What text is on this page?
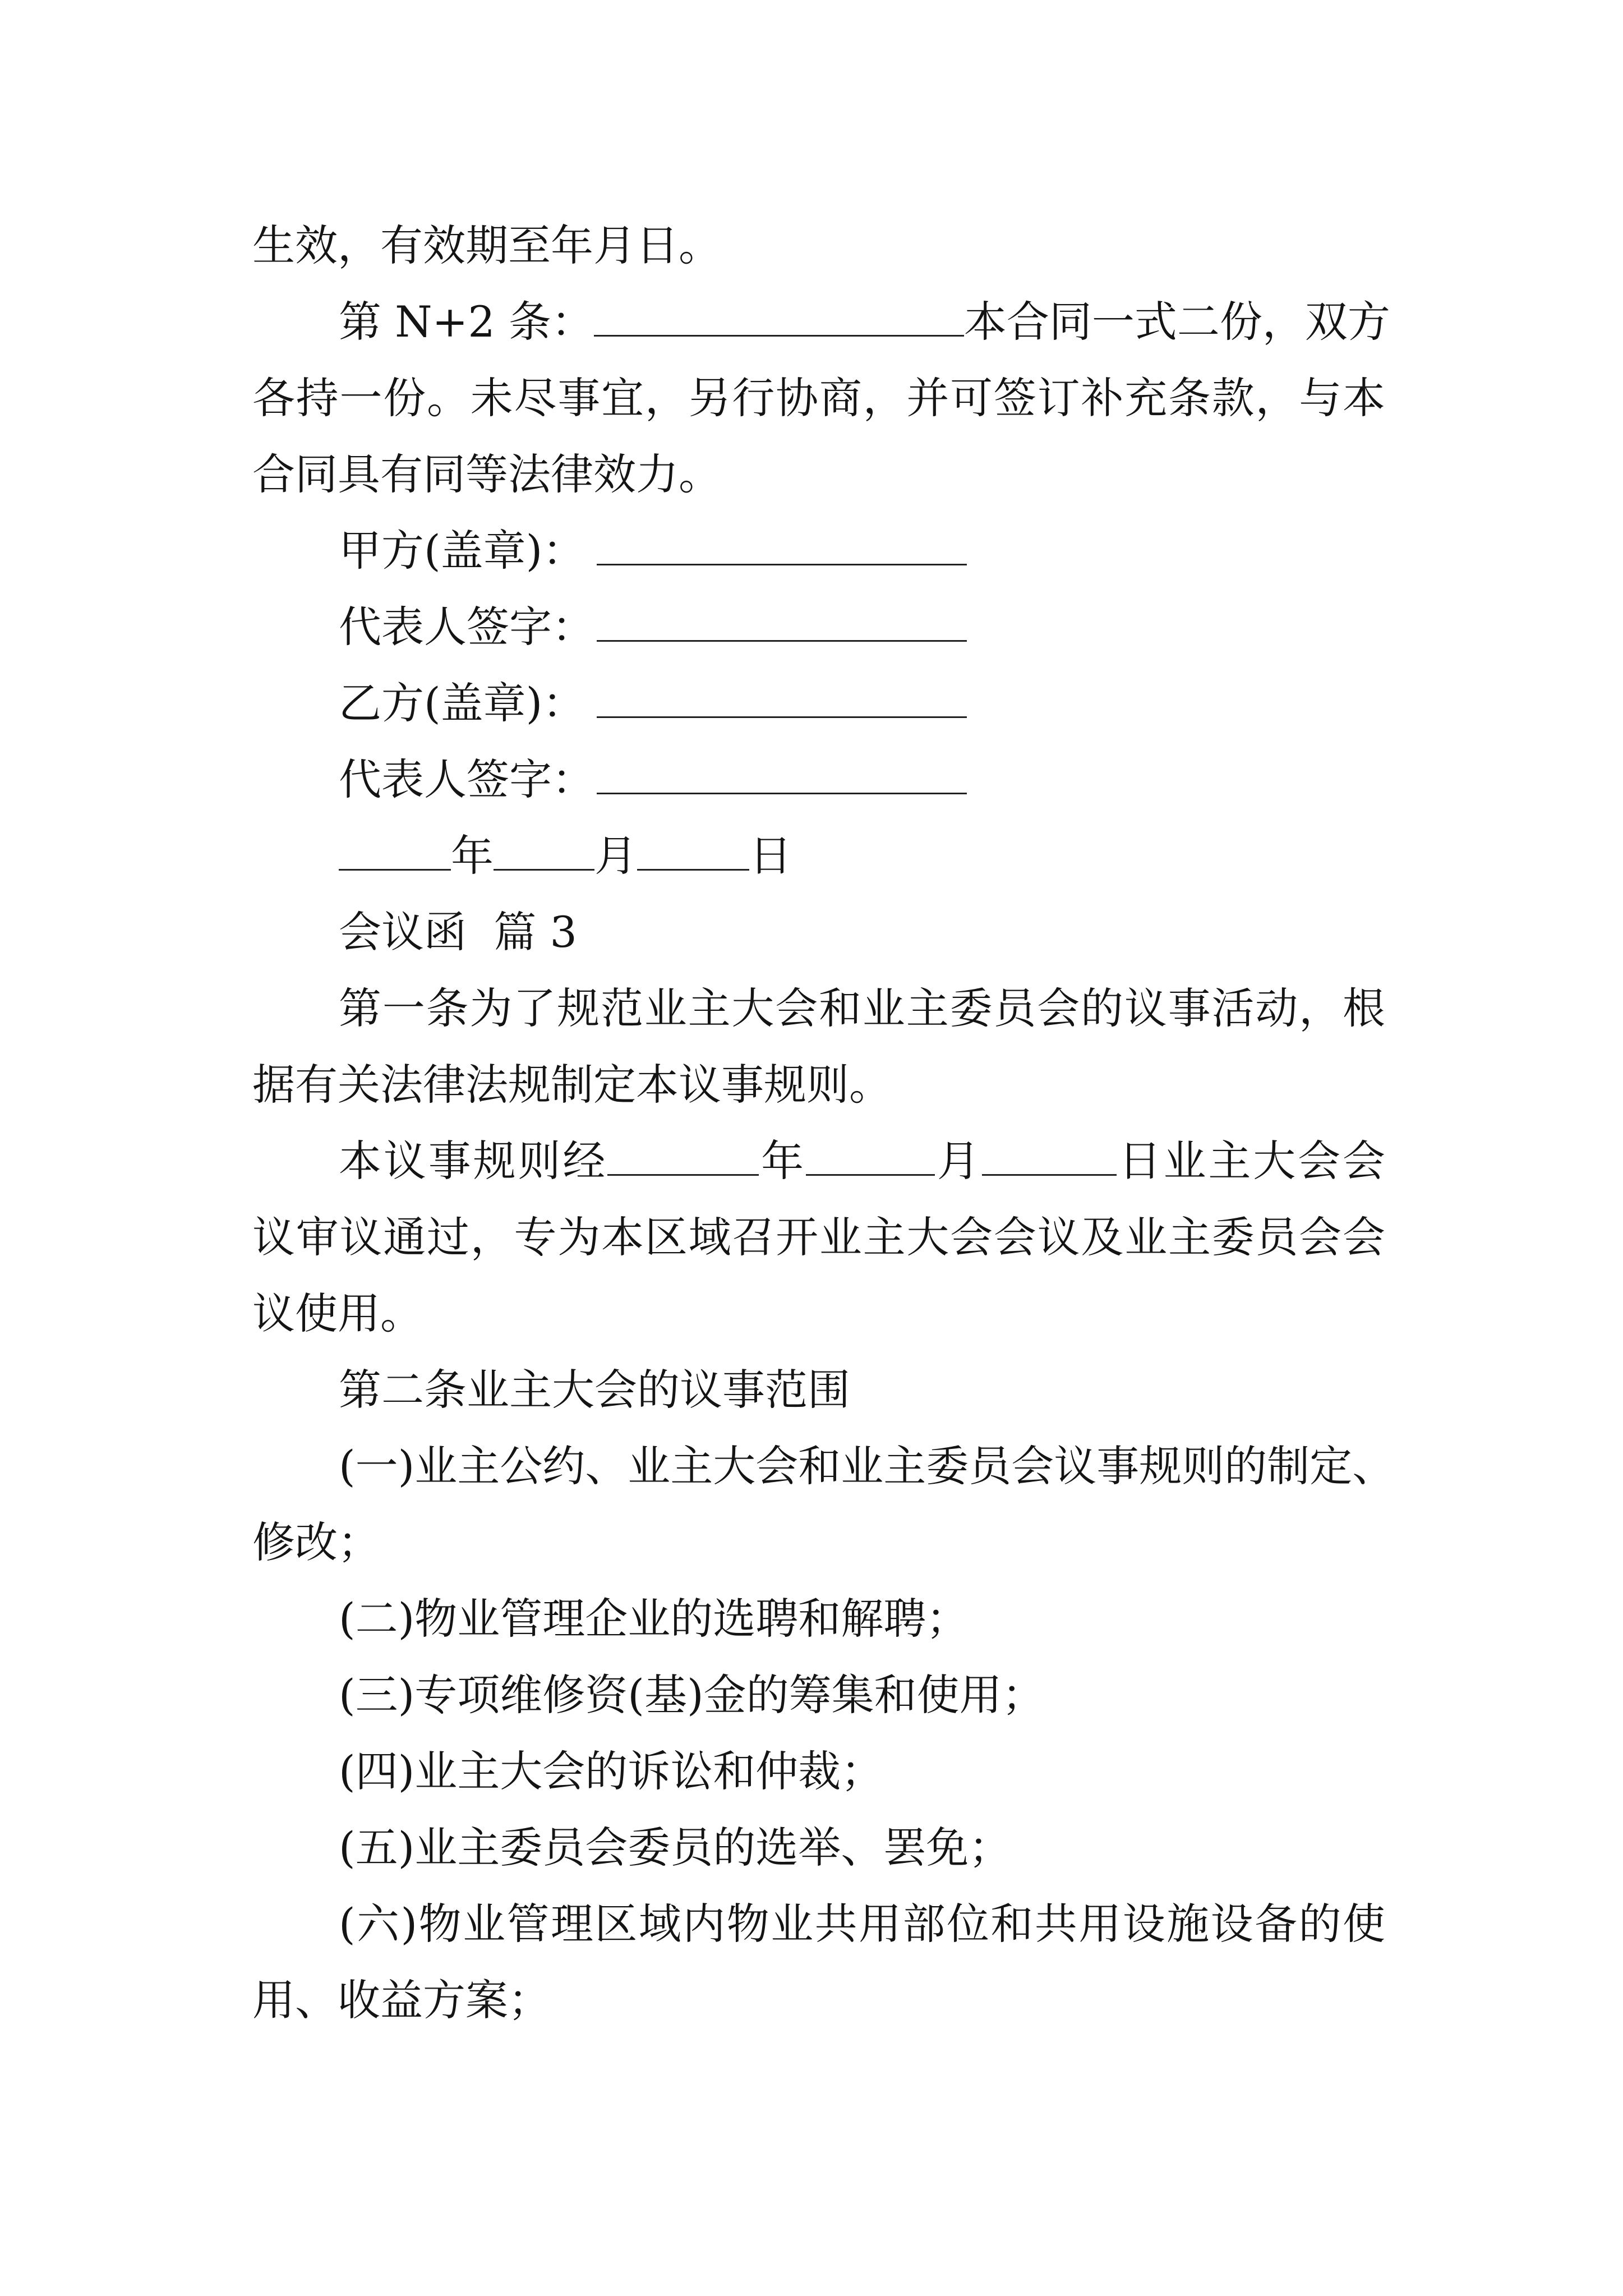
生效，有效期至年月日。

第 N+2 条：	本合同一式二份，双方

各持一份。未尽事宜，另行协商，并可签订补充条款，与本

合同具有同等法律效力。

甲方(盖章)：

代表人签字：

乙方(盖章)：

代表人签字：

年 月	日

会议函  篇 3

第一条为了规范业主大会和业主委员会的议事活动，根

据有关法律法规制定本议事规则。

本议事规则经	年	月	日业主大会会

议审议通过，专为本区域召开业主大会会议及业主委员会会

议使用。

第二条业主大会的议事范围

(一)业主公约、业主大会和业主委员会议事规则的制定、

修改；

(二)物业管理企业的选聘和解聘；

(三)专项维修资(基)金的筹集和使用；

(四)业主大会的诉讼和仲裁；

(五)业主委员会委员的选举、罢免；

(六)物业管理区域内物业共用部位和共用设施设备的使

用、收益方案；
